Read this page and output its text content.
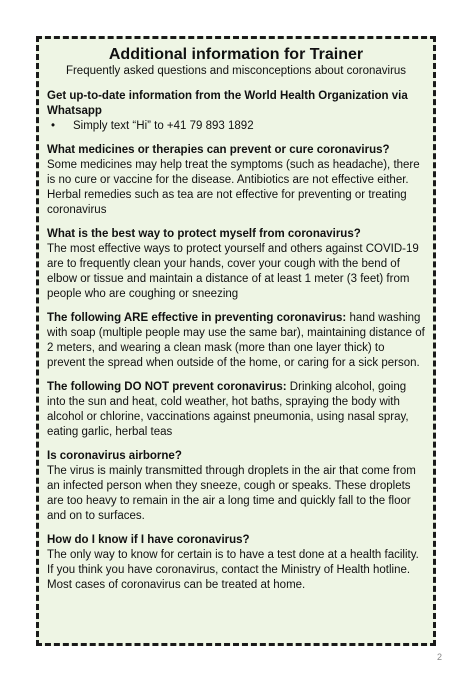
Additional information for Trainer

Frequently asked questions and misconceptions about coronavirus

Get up-to-date information from the World Health Organization via Whatsapp
• Simply text “Hi” to +41 79 893 1892
What medicines or therapies can prevent or cure coronavirus?
Some medicines may help treat the symptoms (such as headache), there is no cure or vaccine for the disease. Antibiotics are not effective either. Herbal remedies such as tea are not effective for preventing or treating coronavirus
What is the best way to protect myself from coronavirus?
The most effective ways to protect yourself and others against COVID-19 are to frequently clean your hands, cover your cough with the bend of elbow or tissue and maintain a distance of at least 1 meter (3 feet) from people who are coughing or sneezing
The following ARE effective in preventing coronavirus: hand washing with soap (multiple people may use the same bar), maintaining distance of 2 meters, and wearing a clean mask (more than one layer thick) to prevent the spread when outside of the home, or caring for a sick person.
The following DO NOT prevent coronavirus: Drinking alcohol, going into the sun and heat, cold weather, hot baths, spraying the body with alcohol or chlorine, vaccinations against pneumonia, using nasal spray, eating garlic, herbal teas
Is coronavirus airborne?
The virus is mainly transmitted through droplets in the air that come from an infected person when they sneeze, cough or speaks. These droplets are too heavy to remain in the air a long time and quickly fall to the floor and on to surfaces.
How do I know if I have coronavirus?
The only way to know for certain is to have a test done at a health facility. If you think you have coronavirus, contact the Ministry of Health hotline. Most cases of coronavirus can be treated at home.
2
